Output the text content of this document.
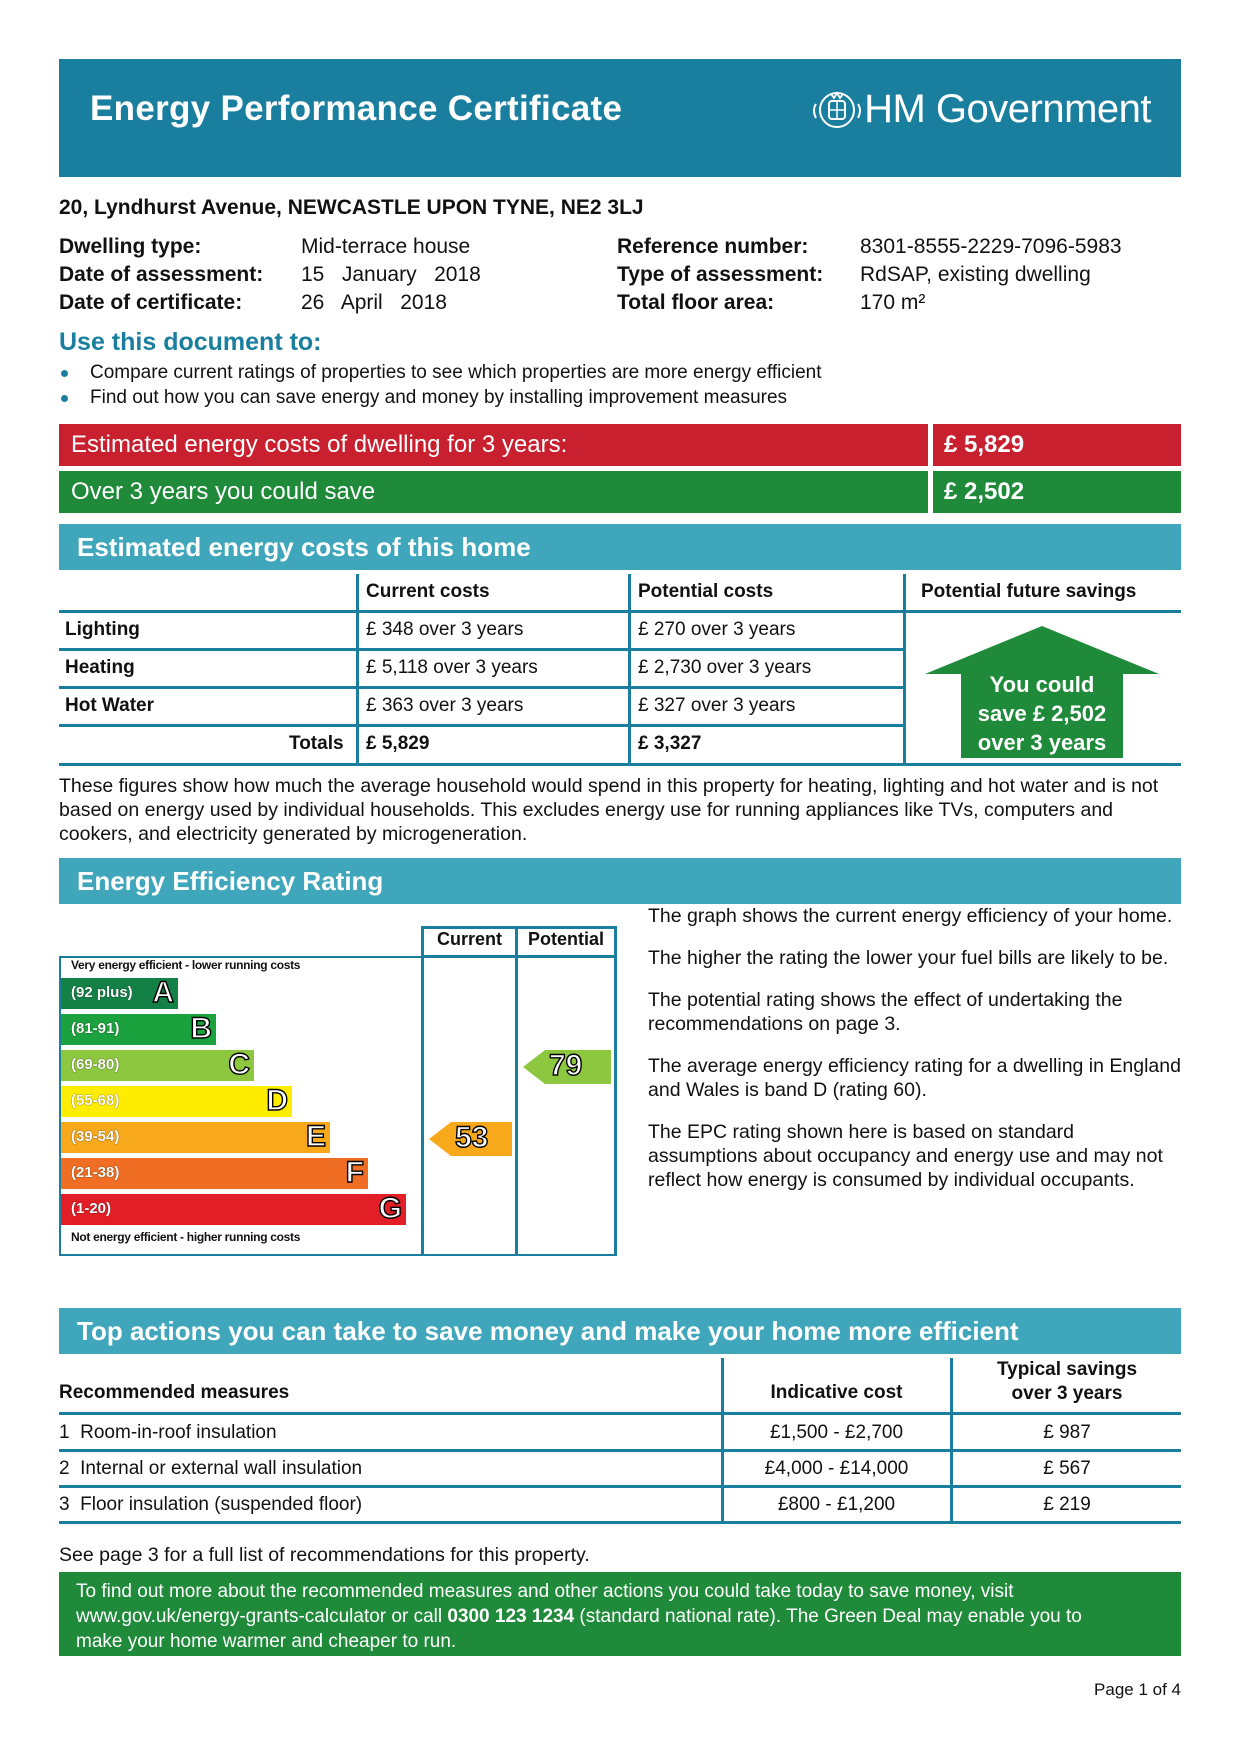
Energy Performance Certificate	HM Government
20, Lyndhurst Avenue, NEWCASTLE UPON TYNE, NE2 3LJ
Dwelling type:	Mid-terrace house
Date of assessment: 15   January   2018
Date of certificate:	26   April   2018
Reference number: 8301-8555-2229-7096-5983
Type of assessment: RdSAP, existing dwelling
Total floor area:	170 m²
Use this document to:
Compare current ratings of properties to see which properties are more energy efficient
Find out how you can save energy and money by installing improvement measures
Estimated energy costs of dwelling for 3 years:	£ 5,829
Over 3 years you could save	£ 2,502
Estimated energy costs of this home
Current costs	Potential costs	Potential future savings
Lighting	£ 348 over 3 years	£ 270 over 3 years
Heating	£ 5,118 over 3 years	£ 2,730 over 3 years
Hot Water	£ 363 over 3 years	£ 327 over 3 years
Totals £ 5,829	£ 3,327
You could
save £ 2,502
over 3 years
These figures show how much the average household would spend in this property for heating, lighting and hot water and is not based on energy used by individual households. This excludes energy use for running appliances like TVs, computers and cookers, and electricity generated by microgeneration.
Energy Efficiency Rating
Current	Potential
Very energy efficient - lower running costs
Not energy efficient - higher running costs
(92 plus) A
(81-91) B
(69-80)	C
(55-68)	D
(39-54)	E
(21-38)	F
(1-20)	G
53
79
The graph shows the current energy efficiency of your home.
The higher the rating the lower your fuel bills are likely to be.
The potential rating shows the effect of undertaking the recommendations on page 3.
The average energy efficiency rating for a dwelling in England and Wales is band D (rating 60).
The EPC rating shown here is based on standard assumptions about occupancy and energy use and may not reflect how energy is consumed by individual occupants.
Top actions you can take to save money and make your home more efficient
Recommended measures	Indicative cost
Typical savings
over 3 years
1 Room-in-roof insulation	£1,500 - £2,700	£ 987
2 Internal or external wall insulation	£4,000 - £14,000	£ 567
3 Floor insulation (suspended floor)	£800 - £1,200	£ 219
See page 3 for a full list of recommendations for this property.
To find out more about the recommended measures and other actions you could take today to save money, visit
www.gov.uk/energy-grants-calculator or call 0300 123 1234 (standard national rate). The Green Deal may enable you to
make your home warmer and cheaper to run.
Page 1 of 4
